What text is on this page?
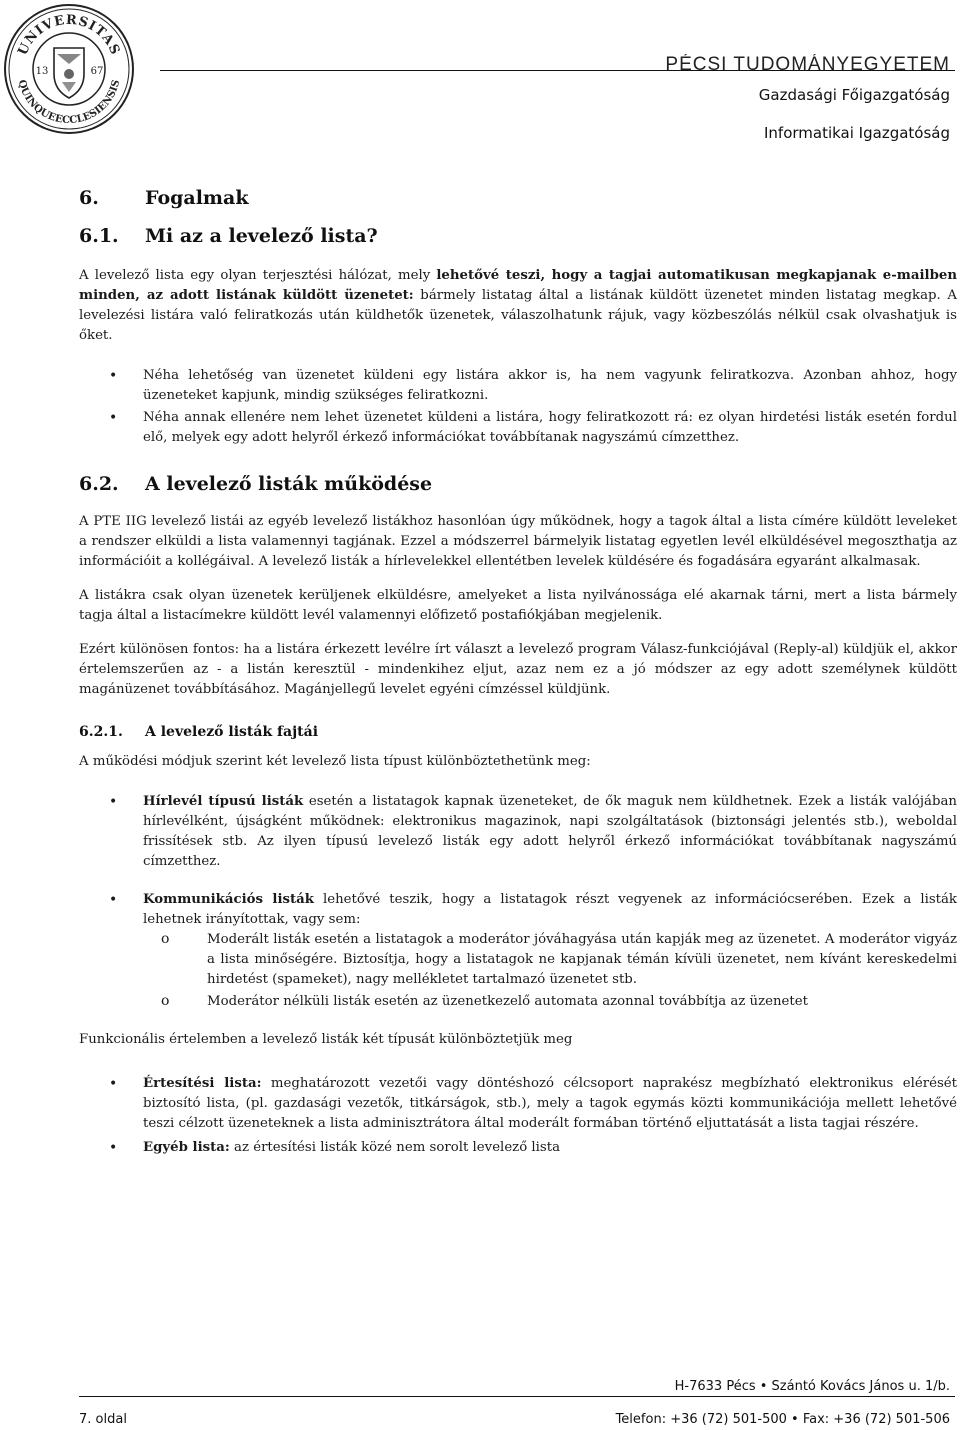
UNIVERSITAS
QUINQUEECCLESIENSIS
13	67	PÉCSI TUDOMÁNYEGYETEM
Gazdasági Főigazgatóság
Informatikai Igazgatóság
6. Fogalmak
6.1. Mi az a levelező lista?

A levelező lista egy olyan terjesztési hálózat, mely lehetővé teszi, hogy a tagjai automatikusan megkapjanak e-mailben minden, az adott listának küldött üzenetet: bármely listatag által a listának küldött üzenetet minden listatag megkap. A levelezési listára való feliratkozás után küldhetők üzenetek, válaszolhatunk rájuk, vagy közbeszólás nélkül csak olvashatjuk is őket.

• Néha lehetőség van üzenetet küldeni egy listára akkor is, ha nem vagyunk feliratkozva. Azonban ahhoz, hogy üzeneteket kapjunk, mindig szükséges feliratkozni.
• Néha annak ellenére nem lehet üzenetet küldeni a listára, hogy feliratkozott rá: ez olyan hirdetési listák esetén fordul elő, melyek egy adott helyről érkező információkat továbbítanak nagyszámú címzetthez.
6.2. A levelező listák működése

A PTE IIG levelező listái az egyéb levelező listákhoz hasonlóan úgy működnek, hogy a tagok által a lista címére küldött leveleket a rendszer elküldi a lista valamennyi tagjának. Ezzel a módszerrel bármelyik listatag egyetlen levél elküldésével megoszthatja az információit a kollégáival. A levelező listák a hírlevelekkel ellentétben levelek küldésére és fogadására egyaránt alkalmasak.

A listákra csak olyan üzenetek kerüljenek elküldésre, amelyeket a lista nyilvánossága elé akarnak tárni, mert a lista bármely tagja által a listacímekre küldött levél valamennyi előfizető postafiókjában megjelenik.

Ezért különösen fontos: ha a listára érkezett levélre írt választ a levelező program Válasz-funkciójával (Reply-al) küldjük el, akkor értelemszerűen az - a listán keresztül - mindenkihez eljut, azaz nem ez a jó módszer az egy adott személynek küldött magánüzenet továbbításához. Magánjellegű levelet egyéni címzéssel küldjünk.

6.2.1. A levelező listák fajtái

A működési módjuk szerint két levelező lista típust különböztethetünk meg:

• Hírlevél típusú listák esetén a listatagok kapnak üzeneteket, de ők maguk nem küldhetnek. Ezek a listák valójában hírlevélként, újságként működnek: elektronikus magazinok, napi szolgáltatások (biztonsági jelentés stb.), weboldal frissítések stb. Az ilyen típusú levelező listák egy adott helyről érkező információkat továbbítanak nagyszámú címzetthez.
• Kommunikációs listák lehetővé teszik, hogy a listatagok részt vegyenek az információcserében. Ezek a listák lehetnek irányítottak, vagy sem:
o Moderált listák esetén a listatagok a moderátor jóváhagyása után kapják meg az üzenetet. A moderátor vigyáz a lista minőségére. Biztosítja, hogy a listatagok ne kapjanak témán kívüli üzenetet, nem kívánt kereskedelmi hirdetést (spameket), nagy mellékletet tartalmazó üzenetet stb.
o Moderátor nélküli listák esetén az üzenetkezelő automata azonnal továbbítja az üzenetet

Funkcionális értelemben a levelező listák két típusát különböztetjük meg

• Értesítési lista: meghatározott vezetői vagy döntéshozó célcsoport naprakész megbízható elektronikus elérését biztosító lista, (pl. gazdasági vezetők, titkárságok, stb.), mely a tagok egymás közti kommunikációja mellett lehetővé teszi célzott üzeneteknek a lista adminisztrátora által moderált formában történő eljuttatását a lista tagjai részére.
• Egyéb lista: az értesítési listák közé nem sorolt levelező lista
H-7633 Pécs • Szántó Kovács János u. 1/b.
7. oldal	Telefon: +36 (72) 501-500 • Fax: +36 (72) 501-506
